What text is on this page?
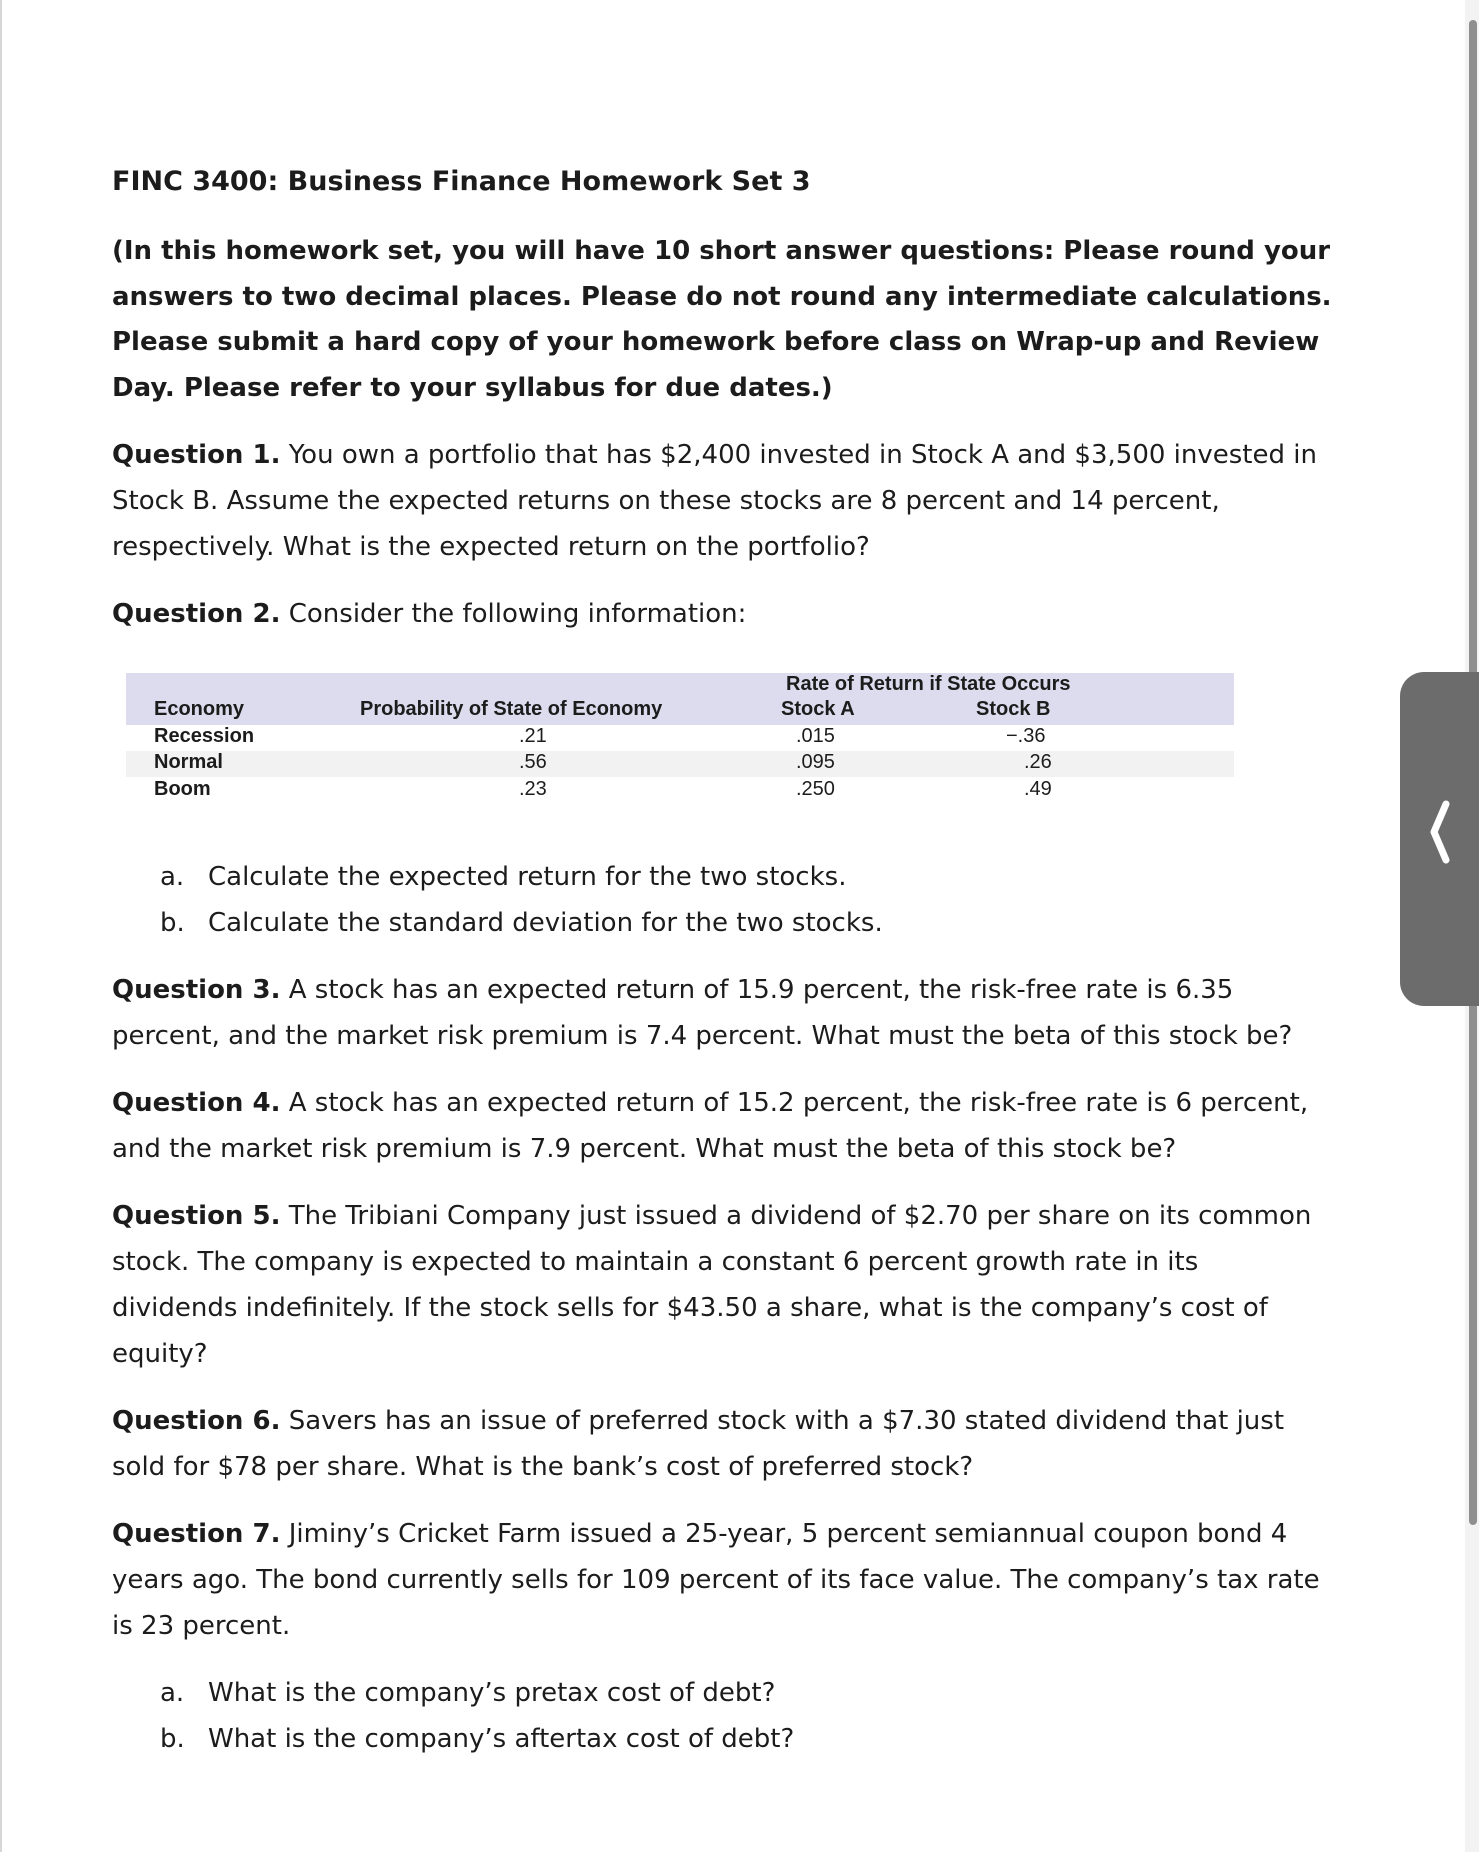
FINC 3400: Business Finance Homework Set 3
(In this homework set, you will have 10 short answer questions: Please round your
answers to two decimal places. Please do not round any intermediate calculations.
Please submit a hard copy of your homework before class on Wrap-up and Review
Day. Please refer to your syllabus for due dates.)
Question 1. You own a portfolio that has $2,400 invested in Stock A and $3,500 invested in
Stock B. Assume the expected returns on these stocks are 8 percent and 14 percent,
respectively. What is the expected return on the portfolio?
Question 2. Consider the following information:
Rate of Return if State Occurs
Economy	Probability of State of Economy	Stock A	Stock B
Recession	.21	.015	−.36
Normal	.56	.095	.26
Boom	.23	.250	.49
a. Calculate the expected return for the two stocks.
b. Calculate the standard deviation for the two stocks.
Question 3. A stock has an expected return of 15.9 percent, the risk-free rate is 6.35
percent, and the market risk premium is 7.4 percent. What must the beta of this stock be?
Question 4. A stock has an expected return of 15.2 percent, the risk-free rate is 6 percent,
and the market risk premium is 7.9 percent. What must the beta of this stock be?
Question 5. The Tribiani Company just issued a dividend of $2.70 per share on its common
stock. The company is expected to maintain a constant 6 percent growth rate in its
dividends indefinitely. If the stock sells for $43.50 a share, what is the company’s cost of
equity?
Question 6. Savers has an issue of preferred stock with a $7.30 stated dividend that just
sold for $78 per share. What is the bank’s cost of preferred stock?
Question 7. Jiminy’s Cricket Farm issued a 25-year, 5 percent semiannual coupon bond 4
years ago. The bond currently sells for 109 percent of its face value. The company’s tax rate
is 23 percent.
a. What is the company’s pretax cost of debt?
b. What is the company’s aftertax cost of debt?
